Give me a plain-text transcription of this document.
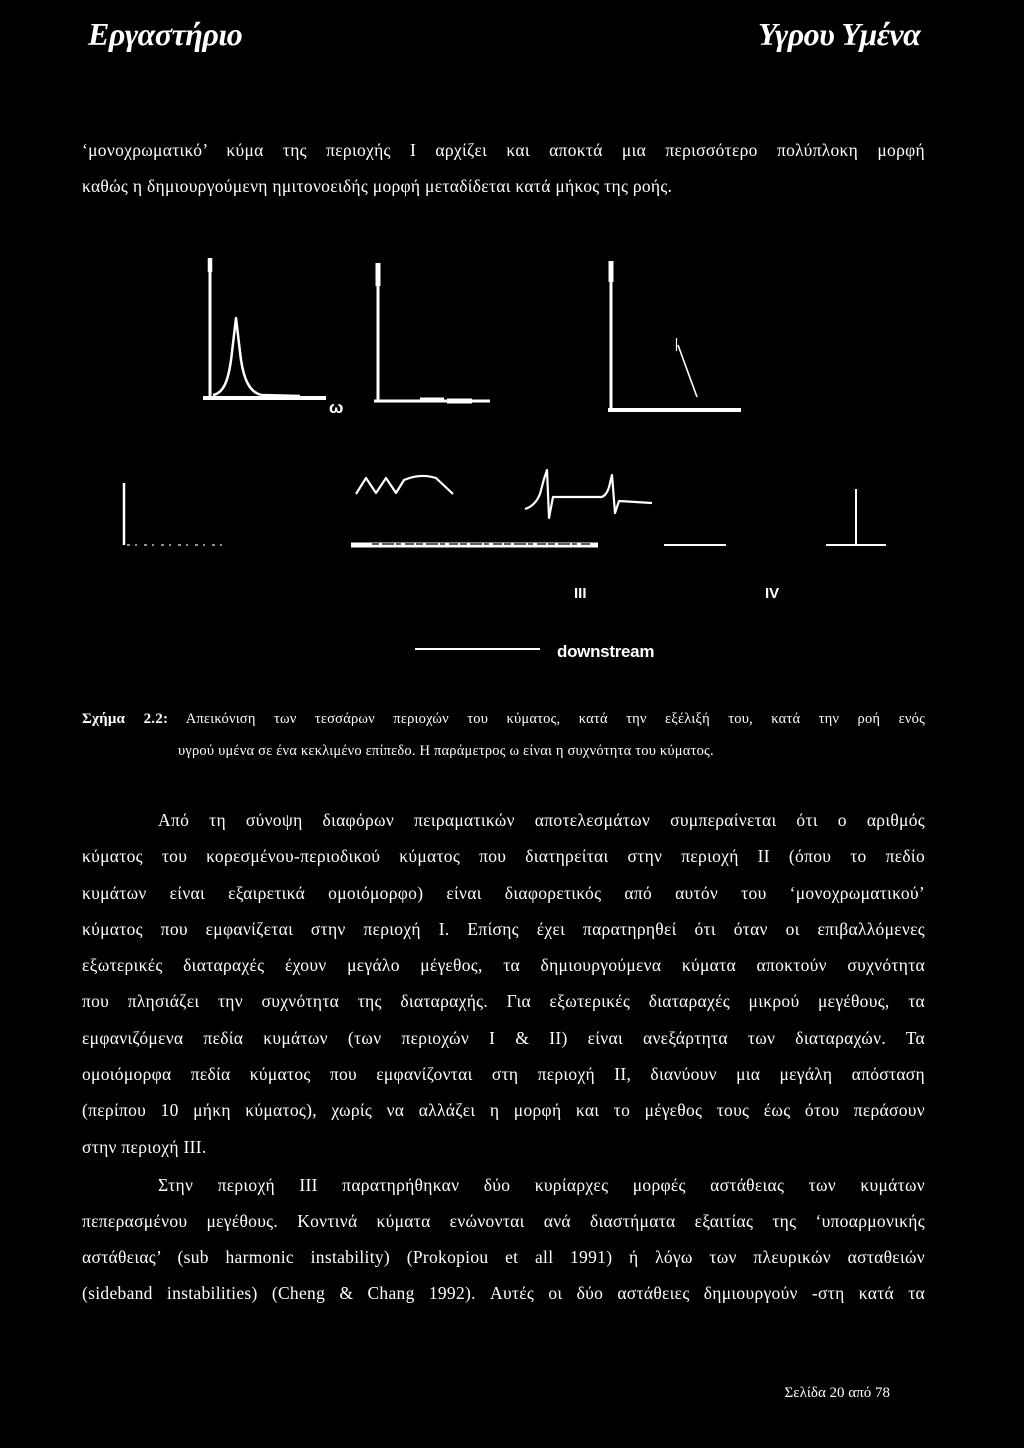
Εργαστήριο	Υγρου Υμένα
‘μονοχρωματικό’ κύμα της περιοχής I αρχίζει και αποκτά μια περισσότερο πολύπλοκη μορφή
καθώς η δημιουργούμενη ημιτονοειδής μορφή μεταδίδεται κατά μήκος της ροής.
ω
III	IV
downstream
Σχήμα 2.2: Απεικόνιση των τεσσάρων περιοχών του κύματος, κατά την εξέλιξή του, κατά την ροή ενός
υγρού υμένα σε ένα κεκλιμένο επίπεδο. Η παράμετρος ω είναι η συχνότητα του κύματος.
Από τη σύνοψη διαφόρων πειραματικών αποτελεσμάτων συμπεραίνεται ότι ο αριθμός
κύματος του κορεσμένου-περιοδικού κύματος που διατηρείται στην περιοχή II (όπου το πεδίο
κυμάτων είναι εξαιρετικά ομοιόμορφο) είναι διαφορετικός από αυτόν του ‘μονοχρωματικού’
κύματος που εμφανίζεται στην περιοχή I. Επίσης έχει παρατηρηθεί ότι όταν οι επιβαλλόμενες
εξωτερικές διαταραχές έχουν μεγάλο μέγεθος, τα δημιουργούμενα κύματα αποκτούν συχνότητα
που πλησιάζει την συχνότητα της διαταραχής. Για εξωτερικές διαταραχές μικρού μεγέθους, τα
εμφανιζόμενα πεδία κυμάτων (των περιοχών I & II) είναι ανεξάρτητα των διαταραχών. Τα
ομοιόμορφα πεδία κύματος που εμφανίζονται στη περιοχή II, διανύουν μια μεγάλη απόσταση
(περίπου 10 μήκη κύματος), χωρίς να αλλάζει η μορφή και το μέγεθος τους έως ότου περάσουν
στην περιοχή III.
Στην περιοχή III παρατηρήθηκαν δύο κυρίαρχες μορφές αστάθειας των κυμάτων
πεπερασμένου μεγέθους. Κοντινά κύματα ενώνονται ανά διαστήματα εξαιτίας της ‘υποαρμονικής
αστάθειας’ (sub harmonic instability) (Prokopiou et all 1991) ή λόγω των πλευρικών ασταθειών
(sideband instabilities) (Cheng & Chang 1992). Αυτές οι δύο αστάθειες δημιουργούν -στη κατά τα
Σελίδα 20 από 78
